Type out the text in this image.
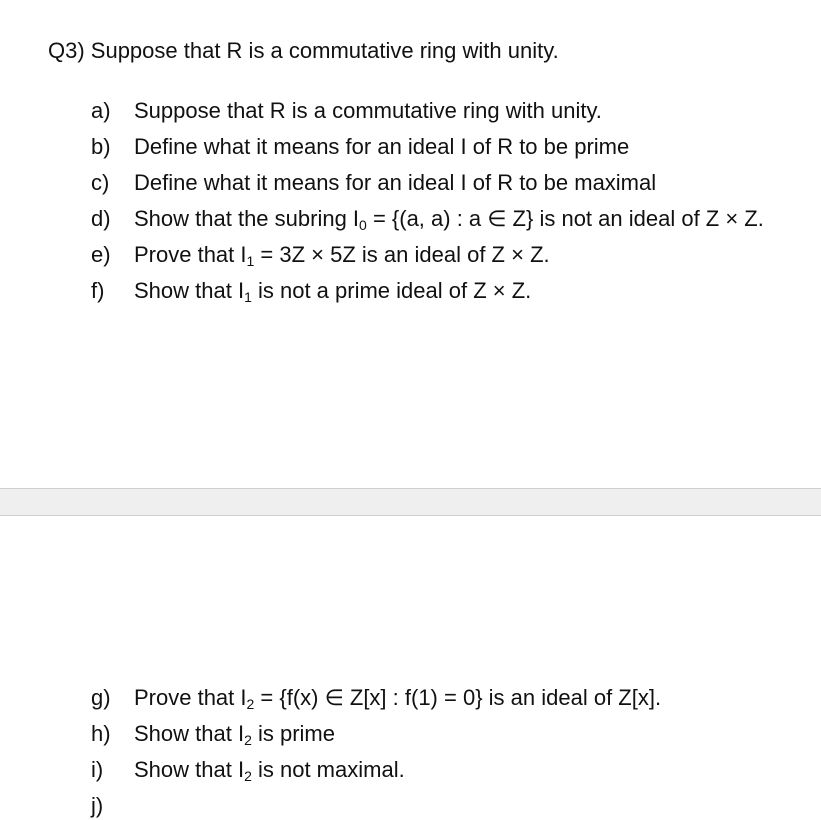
Q3) Suppose that R is a commutative ring with unity.
a) Suppose that R is a commutative ring with unity.
b) Define what it means for an ideal I of R to be prime
c) Define what it means for an ideal I of R to be maximal
d) Show that the subring $I_0 = \{(a$, a) : a ∈ Z} is not an ideal of Z × Z.
e) Prove that $I_1 = 3Z \times 5Z$ is an ideal of Z × Z.
f) Show that $I_1$ is not a prime ideal of Z × Z.
g) Prove that $I_2 = \{f(x)$ ∈ Z[x] : f(1) = 0} is an ideal of Z[x].
h) Show that $I_2$ is prime
i) Show that $I_2$ is not maximal.
j)
